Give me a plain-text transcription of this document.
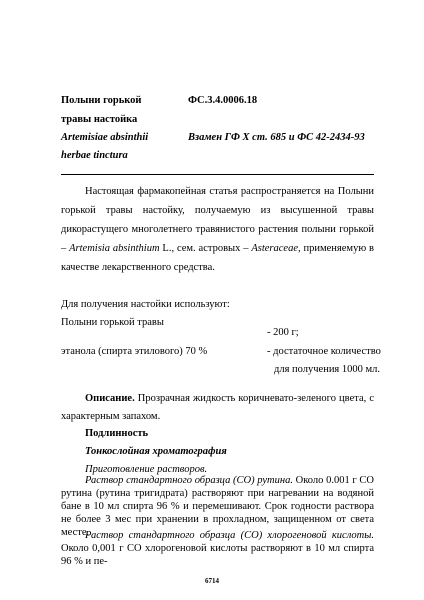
Полыни горькой	ФС.3.4.0006.18
травы настойка
Artemisiae absinthii	Взамен ГФ X ст. 685 и ФС 42-2434-93
herbae tinctura

Настоящая фармакопейная статья распространяется на Полыни горькой травы настойку, получаемую из высушенной травы дикорастущего многолетнего травянистого растения полыни горькой – Artemisia absinthium L., сем. астровых – Asteraceae, применяемую в качестве лекарственного средства.

Для получения настойки используют:
Полыни горькой травы
- 200 г;
этанола (спирта этилового) 70 %	- достаточное количество
для получения 1000 мл.

Описание. Прозрачная жидкость коричневато-зеленого цвета, с характерным запахом.

Подлинность
Тонкослойная хроматография
Приготовление растворов.

Раствор стандартного образца (СО) рутина. Около 0.001 г СО рутина (рутина тригидрата) растворяют при нагревании на водяной бане в 10 мл спирта 96 % и перемешивают. Срок годности раствора не более 3 мес при хранении в прохладном, защищенном от света месте.

Раствор стандартного образца (СО) хлорогеновой кислоты. Около 0,001 г СО хлорогеновой кислоты растворяют в 10 мл спирта 96 % и пе-

6714
